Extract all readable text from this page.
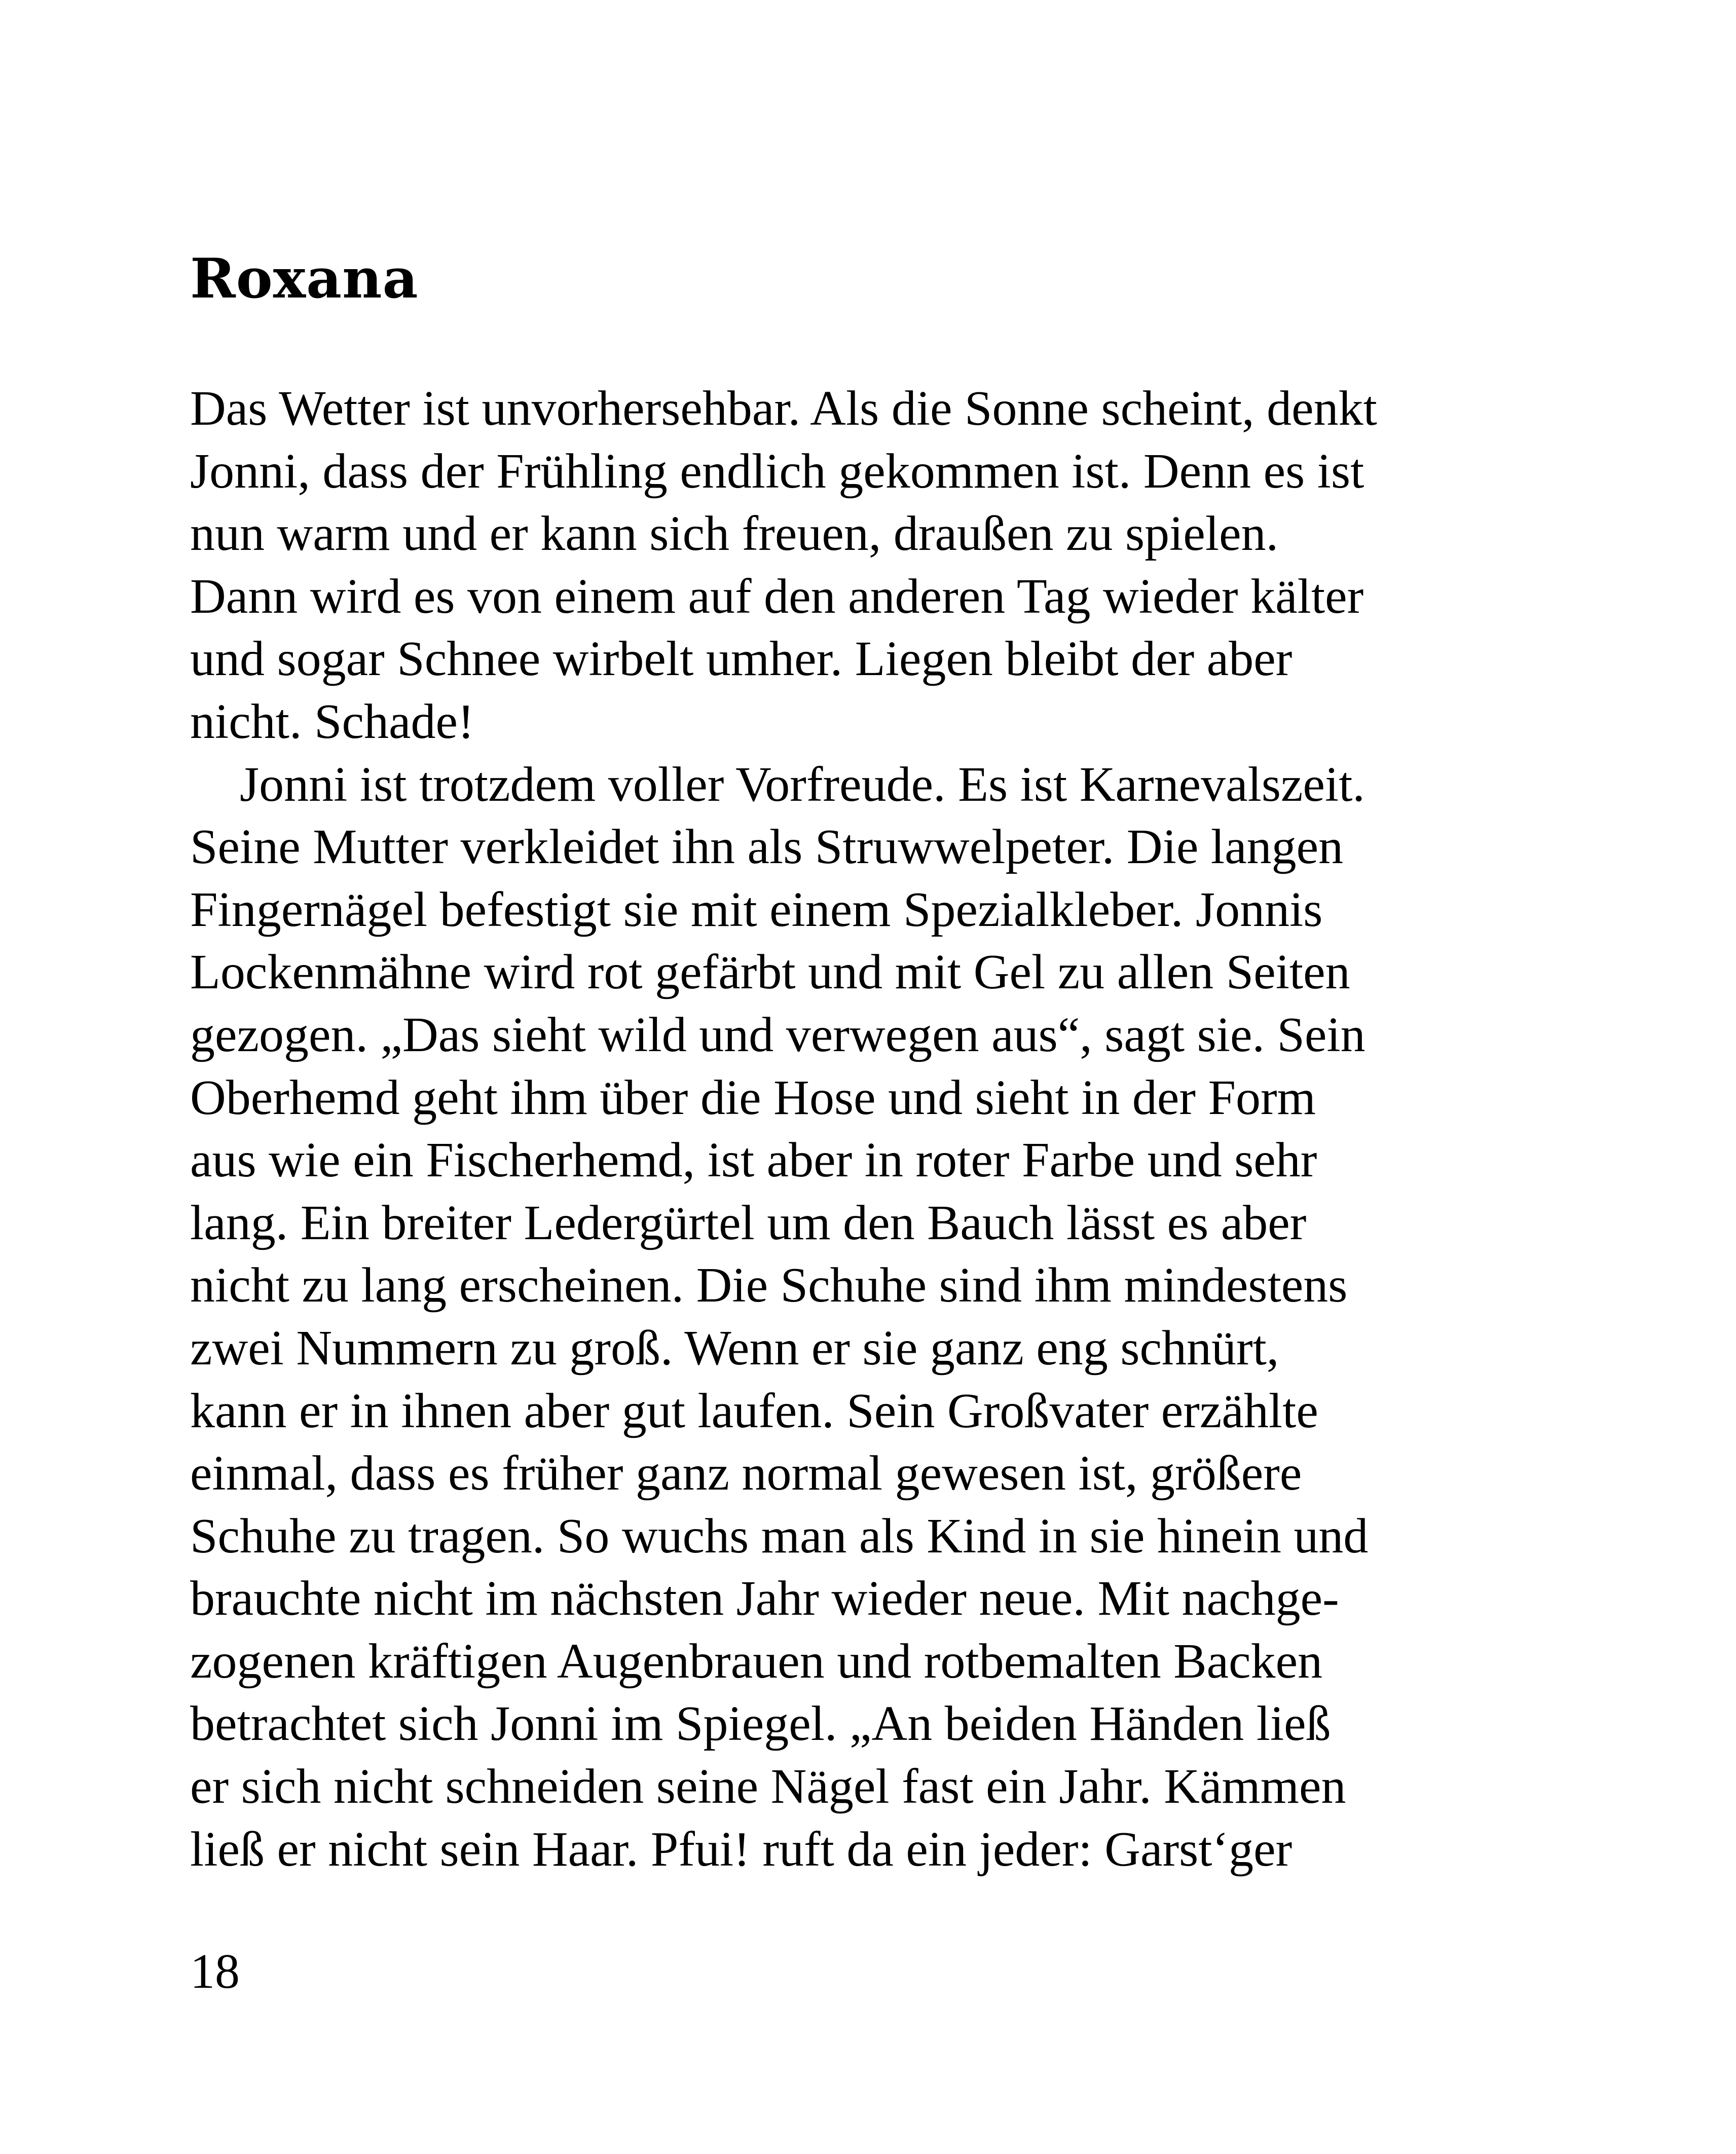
Roxana
Das Wetter ist unvorhersehbar. Als die Sonne scheint, denkt
Jonni, dass der Frühling endlich gekommen ist. Denn es ist
nun warm und er kann sich freuen, draußen zu spielen.
Dann wird es von einem auf den anderen Tag wieder kälter
und sogar Schnee wirbelt umher. Liegen bleibt der aber
nicht. Schade!
Jonni ist trotzdem voller Vorfreude. Es ist Karnevalszeit.
Seine Mutter verkleidet ihn als Struwwelpeter. Die langen
Fingernägel befestigt sie mit einem Spezialkleber. Jonnis
Lockenmähne wird rot gefärbt und mit Gel zu allen Seiten
gezogen. „Das sieht wild und verwegen aus“, sagt sie. Sein
Oberhemd geht ihm über die Hose und sieht in der Form
aus wie ein Fischerhemd, ist aber in roter Farbe und sehr
lang. Ein breiter Ledergürtel um den Bauch lässt es aber
nicht zu lang erscheinen. Die Schuhe sind ihm mindestens
zwei Nummern zu groß. Wenn er sie ganz eng schnürt,
kann er in ihnen aber gut laufen. Sein Großvater erzählte
einmal, dass es früher ganz normal gewesen ist, größere
Schuhe zu tragen. So wuchs man als Kind in sie hinein und
brauchte nicht im nächsten Jahr wieder neue. Mit nachge-
zogenen kräftigen Augenbrauen und rotbemalten Backen
betrachtet sich Jonni im Spiegel. „An beiden Händen ließ
er sich nicht schneiden seine Nägel fast ein Jahr. Kämmen
ließ er nicht sein Haar. Pfui! ruft da ein jeder: Garst‘ger
18
